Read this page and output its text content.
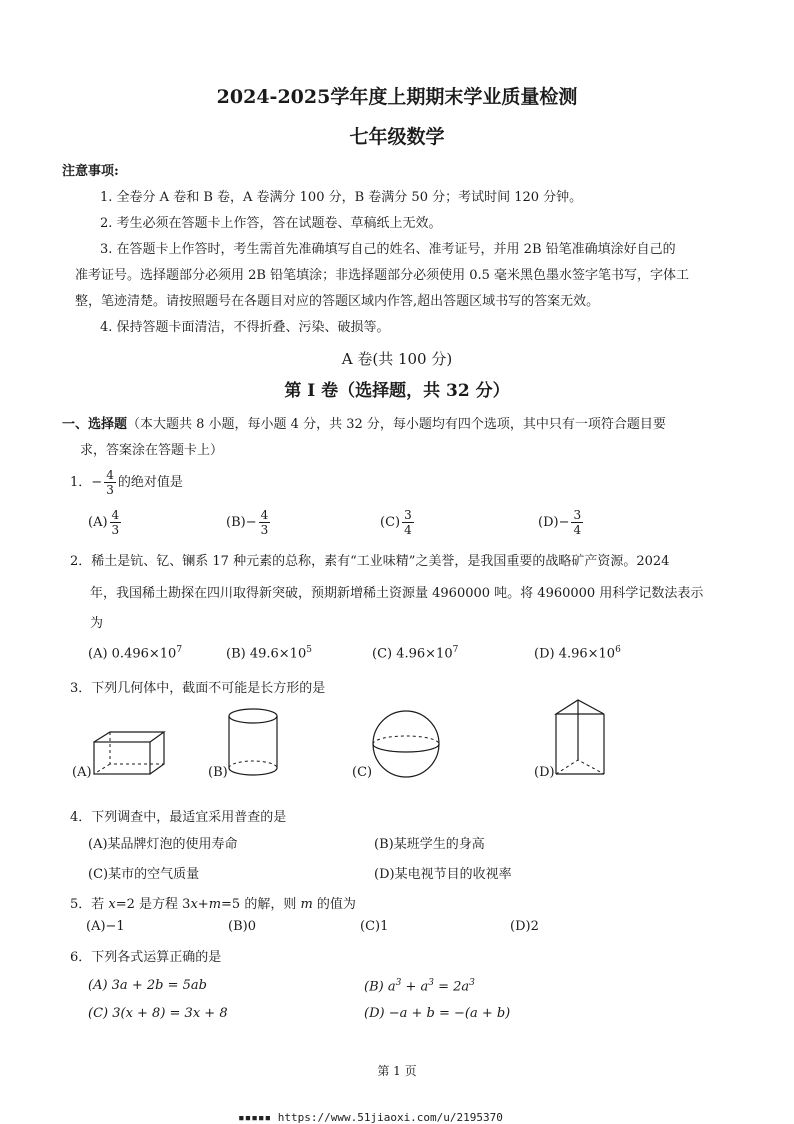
2024-2025学年度上期期末学业质量检测
七年级数学
注意事项:
1. 全卷分 A 卷和 B 卷，A 卷满分 100 分，B 卷满分 50 分；考试时间 120 分钟。
2. 考生必须在答题卡上作答，答在试题卷、草稿纸上无效。
3. 在答题卡上作答时，考生需首先准确填写自己的姓名、准考证号，并用 2B 铅笔准确填涂好自己的
准考证号。选择题部分必须用 2B 铅笔填涂；非选择题部分必须使用 0.5 毫米黑色墨水签字笔书写，字体工
整，笔迹清楚。请按照题号在各题目对应的答题区域内作答,超出答题区域书写的答案无效。
4. 保持答题卡面清洁，不得折叠、污染、破损等。
A 卷(共 100 分)
第 Ⅰ 卷（选择题，共 32 分）
一、选择题（本大题共 8 小题，每小题 4 分，共 32 分，每小题均有四个选项，其中只有一项符合题目要
求，答案涂在答题卡上）
1．− $\frac{4}{3}$ 的绝对值是
$(A) \frac{4}{3}$	$(B)- \frac{4}{3}$	$(C) \frac{3}{4}$	$(D)- \frac{3}{4}$
2．稀土是钪、钇、镧系 17 种元素的总称，素有“工业味精”之美誉，是我国重要的战略矿产资源。2024
年，我国稀土勘探在四川取得新突破，预期新增稀土资源量 4960000 吨。将 4960000 用科学记数法表示
为
(A) $0.496\times 10^7$	(B) $49.6\times 10^5$	(C) $4.96\times 10^7$	(D) $4.96\times 10^6$
3．下列几何体中，截面不可能是长方形的是
(A)	(B)	(C)	(D)
4．下列调查中，最适宜采用普查的是
(A)某品牌灯泡的使用寿命	(B)某班学生的身高
(C)某市的空气质量	(D)某电视节目的收视率
5．若 x=2 是方程 3x+m=5 的解，则 m 的值为
(A)−1	(B)0	(C)1	(D)2
6．下列各式运算正确的是
(A) 3a + 2b = 5ab	(B) $a^3 + a^3 = 2a^3$
(C) 3(x + 8) = 3x + 8	(D) −a + b = −(a + b)
第 1 页
▪▪▪▪▪ https://www.51jiaoxi.com/u/2195370
